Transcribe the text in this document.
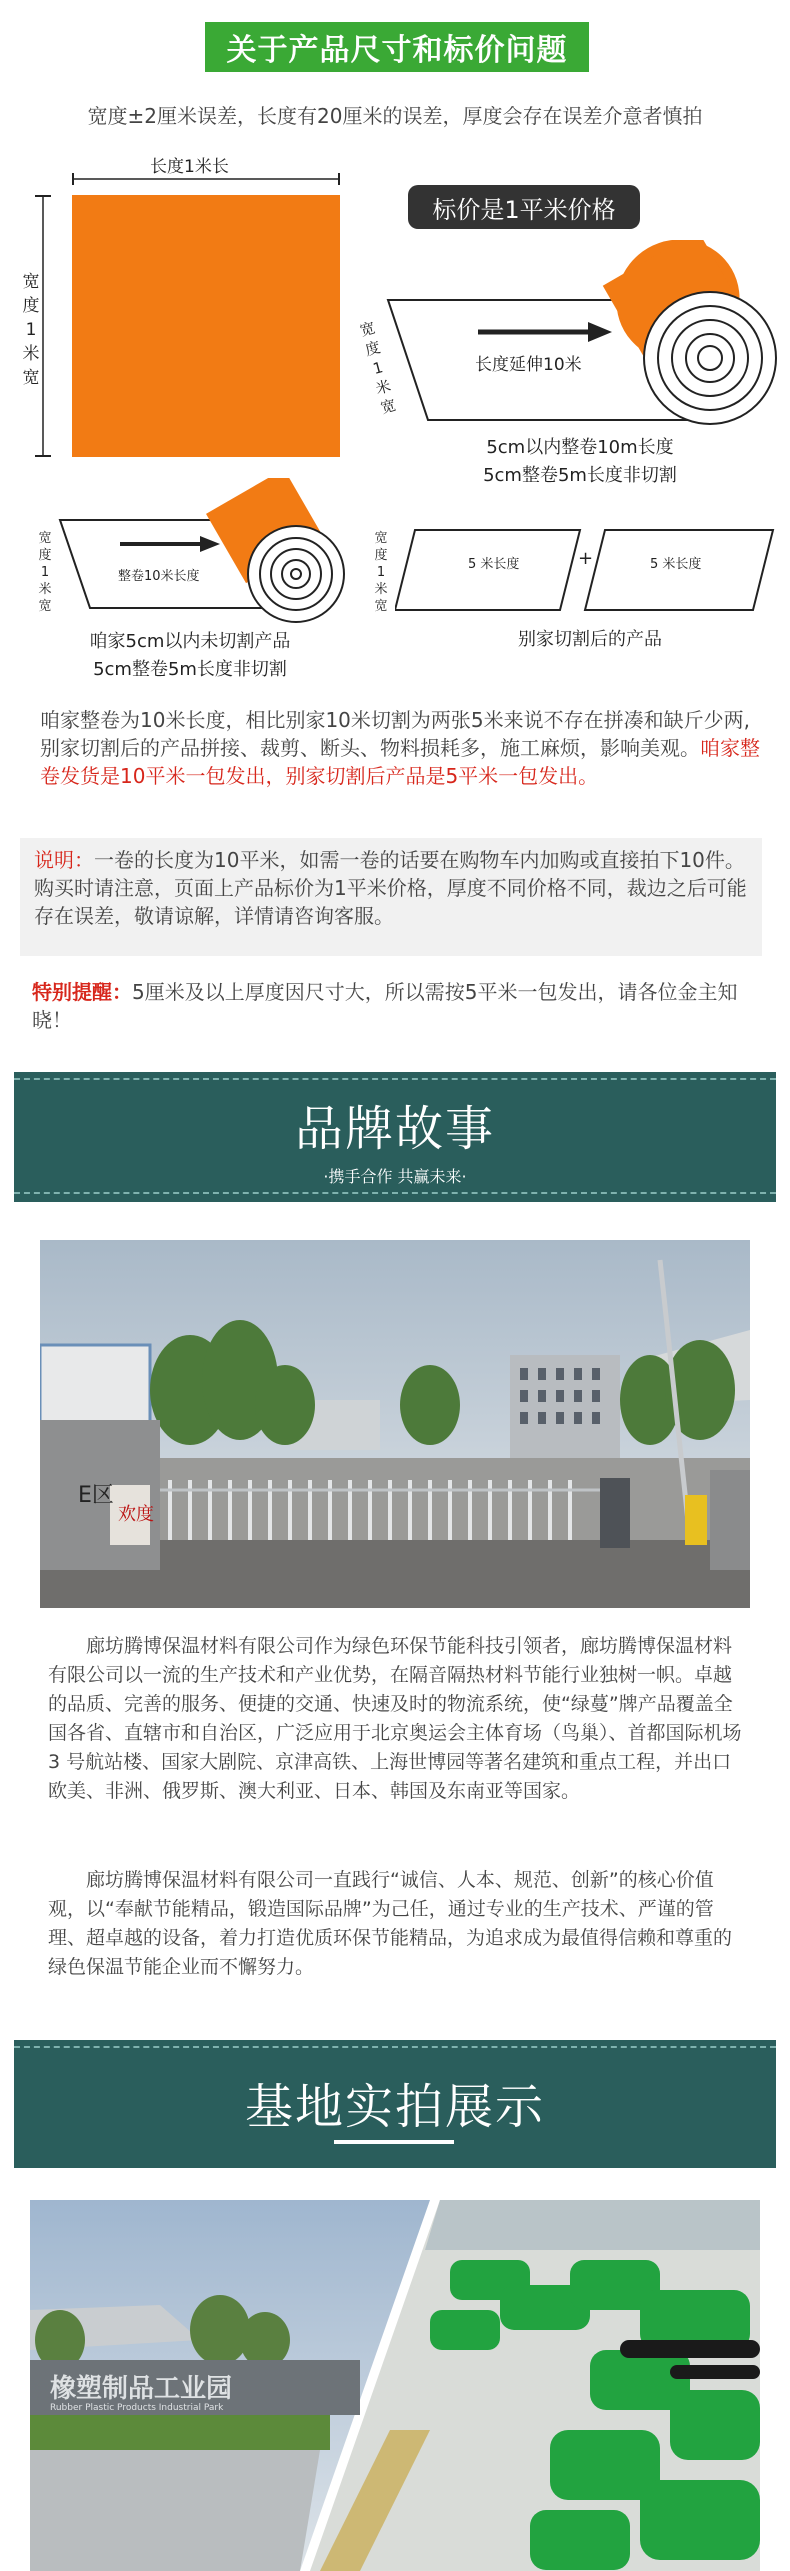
关于产品尺寸和标价问题
宽度±2厘米误差，长度有20厘米的误差，厚度会存在误差介意者慎拍
长度1米长
宽度1米宽
标价是1平米价格
宽度1米宽
长度延伸10米
5cm以内整卷10m长度
5cm整卷5m长度非切割
宽度1米宽
整卷10米长度
咱家5cm以内未切割产品
5cm整卷5m长度非切割
宽度1米宽
5 米长度	+	5 米长度
别家切割后的产品
咱家整卷为10米长度，相比别家10米切割为两张5米来说不存在拼凑和缺斤少两,别家切割后的产品拼接、裁剪、断头、物料损耗多，施工麻烦，影响美观。咱家整卷发货是10平米一包发出，别家切割后产品是5平米一包发出。
说明：一卷的长度为10平米，如需一卷的话要在购物车内加购或直接拍下10件。购买时请注意，页面上产品标价为1平米价格，厚度不同价格不同，裁边之后可能存在误差，敬请谅解，详情请咨询客服。
特别提醒：5厘米及以上厚度因尺寸大，所以需按5平米一包发出，请各位金主知晓！
品牌故事
·携手合作 共赢未来·
E区
欢度
廊坊腾博保温材料有限公司作为绿色环保节能科技引领者，廊坊腾博保温材料有限公司以一流的生产技术和产业优势，在隔音隔热材料节能行业独树一帜。卓越的品质、完善的服务、便捷的交通、快速及时的物流系统，使“绿蔓”牌产品覆盖全国各省、直辖市和自治区，广泛应用于北京奥运会主体育场（鸟巢）、首都国际机场 3 号航站楼、国家大剧院、京津高铁、上海世博园等著名建筑和重点工程，并出口欧美、非洲、俄罗斯、澳大利亚、日本、韩国及东南亚等国家。
廊坊腾博保温材料有限公司一直践行“诚信、人本、规范、创新”的核心价值观，以“奉献节能精品，锻造国际品牌”为己任，通过专业的生产技术、严谨的管理、超卓越的设备，着力打造优质环保节能精品，为追求成为最值得信赖和尊重的绿色保温节能企业而不懈努力。
基地实拍展示
橡塑制品工业园
Rubber Plastic Products Industrial Park
